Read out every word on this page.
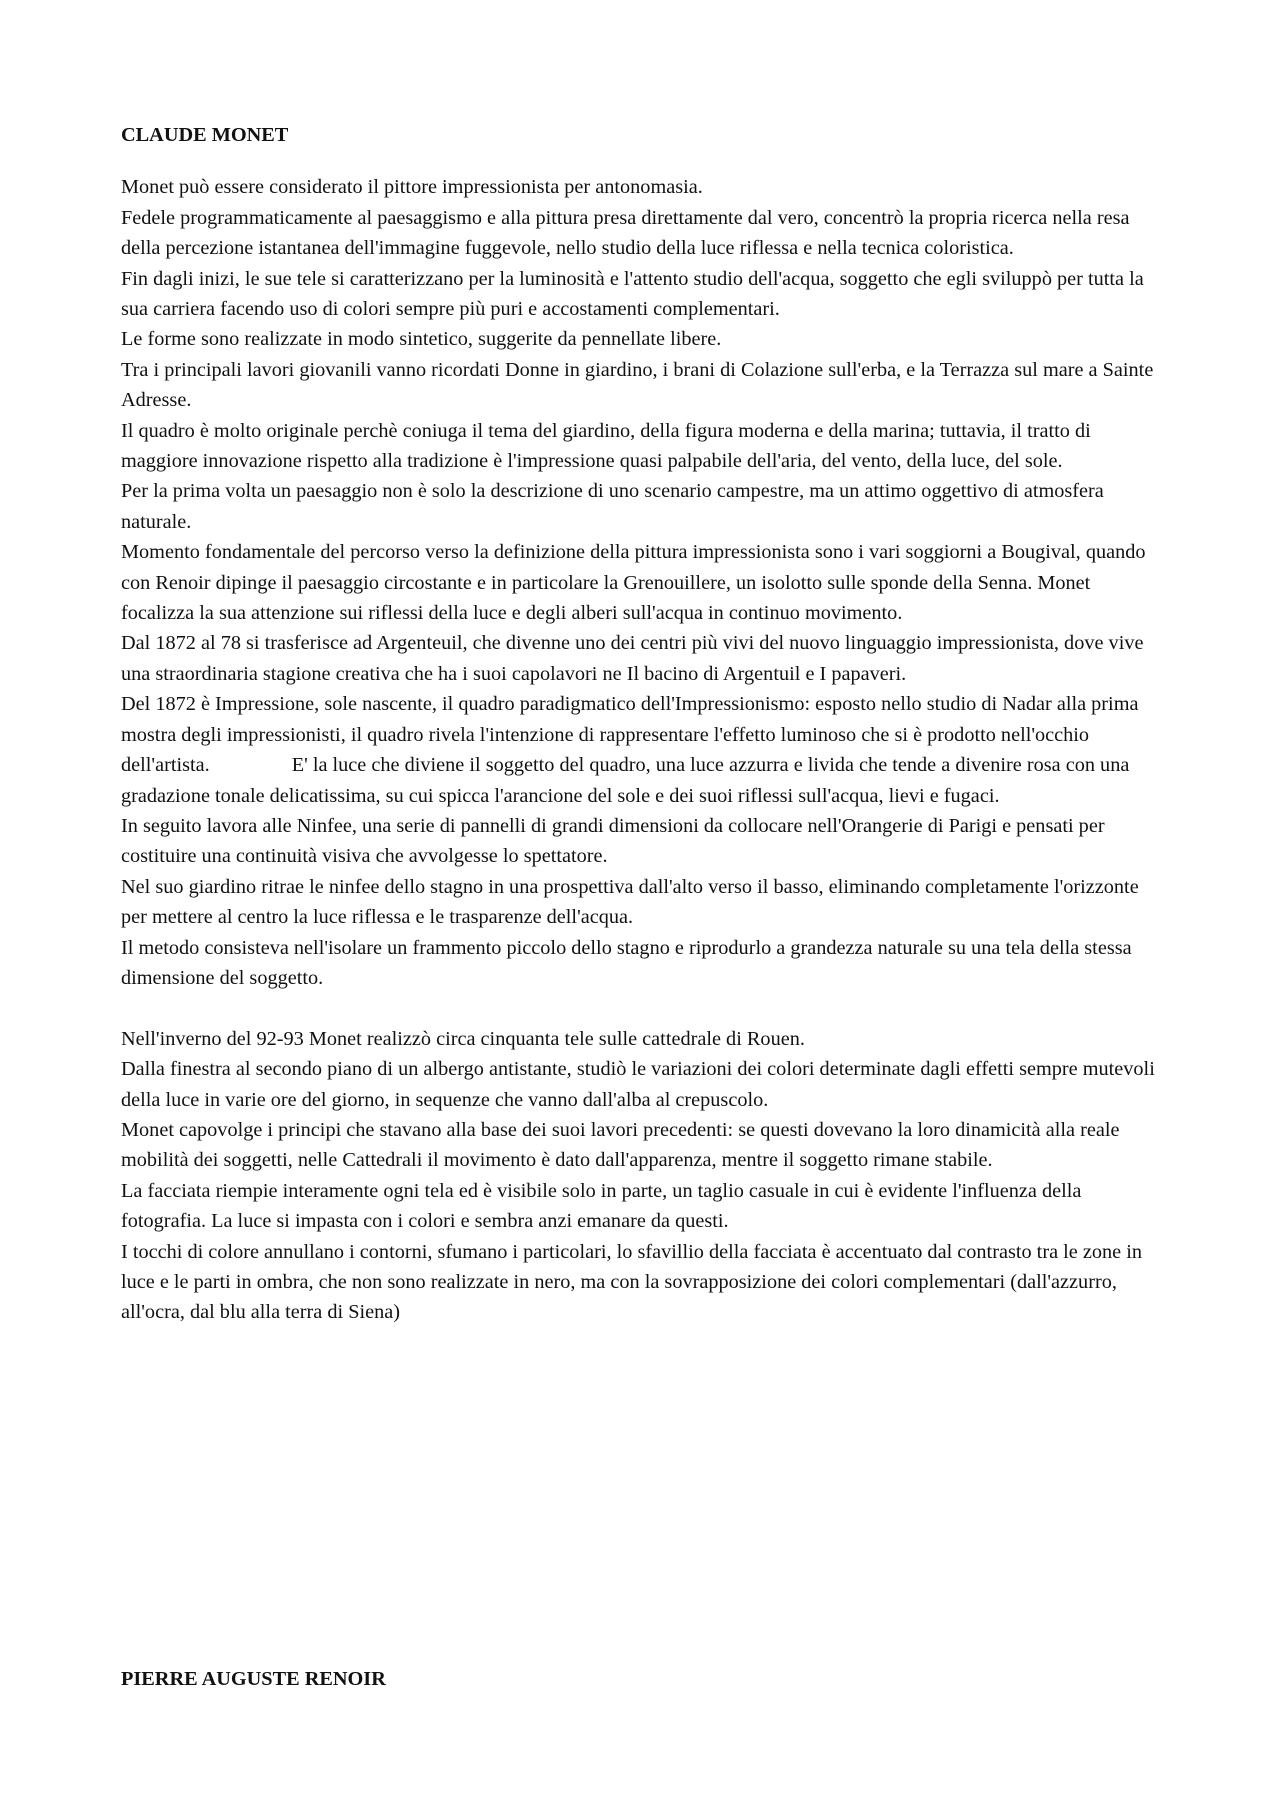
CLAUDE MONET

Monet può essere considerato il pittore impressionista per antonomasia.

Fedele programmaticamente al paesaggismo e alla pittura presa direttamente dal vero, concentrò la propria ricerca nella resa della percezione istantanea dell'immagine fuggevole, nello studio della luce riflessa e nella tecnica coloristica.

Fin dagli inizi, le sue tele si caratterizzano per la luminosità e l'attento studio dell'acqua, soggetto che egli sviluppò per tutta la sua carriera facendo uso di colori sempre più puri e accostamenti complementari.

Le forme sono realizzate in modo sintetico, suggerite da pennellate libere.

Tra i principali lavori giovanili vanno ricordati Donne in giardino, i brani di Colazione sull'erba, e la Terrazza sul mare a Sainte Adresse.

Il quadro è molto originale perchè coniuga il tema del giardino, della figura moderna e della marina; tuttavia, il tratto di maggiore innovazione rispetto alla tradizione è l'impressione quasi palpabile dell'aria, del vento, della luce, del sole.

Per la prima volta un paesaggio non è solo la descrizione di uno scenario campestre, ma un attimo oggettivo di atmosfera naturale.

Momento fondamentale del percorso verso la definizione della pittura impressionista sono i vari soggiorni a Bougival, quando con Renoir dipinge il paesaggio circostante e in particolare la Grenouillere, un isolotto sulle sponde della Senna. Monet focalizza la sua attenzione sui riflessi della luce e degli alberi sull'acqua in continuo movimento.

Dal 1872 al 78 si trasferisce ad Argenteuil, che divenne uno dei centri più vivi del nuovo linguaggio impressionista, dove vive una straordinaria stagione creativa che ha i suoi capolavori ne Il bacino di Argentuil e I papaveri.

Del 1872 è Impressione, sole nascente, il quadro paradigmatico dell'Impressionismo: esposto nello studio di Nadar alla prima mostra degli impressionisti, il quadro rivela l'intenzione di rappresentare l'effetto luminoso che si è prodotto nell'occhio dell'artista.	E' la luce che diviene il soggetto del quadro, una luce azzurra e livida che tende a divenire rosa con una gradazione tonale delicatissima, su cui spicca l'arancione del sole e dei suoi riflessi sull'acqua, lievi e fugaci.

In seguito lavora alle Ninfee, una serie di pannelli di grandi dimensioni da collocare nell'Orangerie di Parigi e pensati per costituire una continuità visiva che avvolgesse lo spettatore.

Nel suo giardino ritrae le ninfee dello stagno in una prospettiva dall'alto verso il basso, eliminando completamente l'orizzonte per mettere al centro la luce riflessa e le trasparenze dell'acqua.

Il metodo consisteva nell'isolare un frammento piccolo dello stagno e riprodurlo a grandezza naturale su una tela della stessa dimensione del soggetto.

Nell'inverno del 92-93 Monet realizzò circa cinquanta tele sulle cattedrale di Rouen.

Dalla finestra al secondo piano di un albergo antistante, studiò le variazioni dei colori determinate dagli effetti sempre mutevoli della luce in varie ore del giorno, in sequenze che vanno dall'alba al crepuscolo.

Monet capovolge i principi che stavano alla base dei suoi lavori precedenti: se questi dovevano la loro dinamicità alla reale mobilità dei soggetti, nelle Cattedrali il movimento è dato dall'apparenza, mentre il soggetto rimane stabile.

La facciata riempie interamente ogni tela ed è visibile solo in parte, un taglio casuale in cui è evidente l'influenza della fotografia. La luce si impasta con i colori e sembra anzi emanare da questi.

I tocchi di colore annullano i contorni, sfumano i particolari, lo sfavillio della facciata è accentuato dal contrasto tra le zone in luce e le parti in ombra, che non sono realizzate in nero, ma con la sovrapposizione dei colori complementari (dall'azzurro, all'ocra, dal blu alla terra di Siena)

PIERRE AUGUSTE RENOIR
